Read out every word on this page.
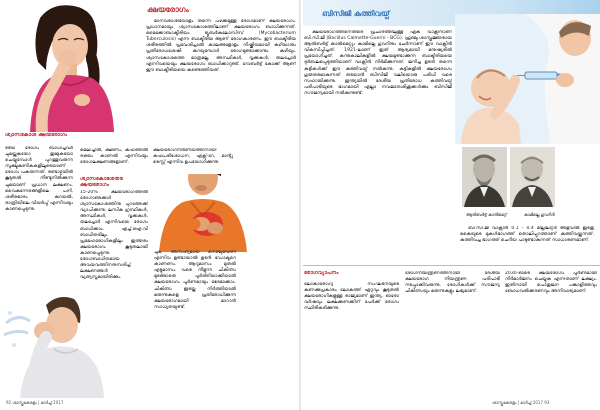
ക്ഷയരോഗം
മാനവരാശിയോളം തന്നെ പഴക്കമുള്ള രോഗമാണ് ക്ഷയരോഗം. പ്രധാനമായും ശ്വാസകോശത്തിലാണ് ക്ഷയരോഗം ബാധിക്കുന്നത്. മൈക്കോബാക്ടീരിയം ട്യൂബർകുലോസിസ് (Mycobacterium Tuberculosis) എന്ന ബാക്ടീരിയ ആണ് രോഗകാരണം. ഈ ബാക്ടീരിയ ശരീരത്തിൽ പ്രവേശിച്ചാൽ കാലങ്ങളോളം നിഷ്ക്രിയമായി കഴിയാനും പ്രതിരോധശേഷി കുറയുമ്പോൾ രോഗമുണ്ടാക്കാനും കഴിയും. ശ്വാസകോശത്തെ മാത്രമല്ല, അസ്ഥികൾ, വൃക്കകൾ, തലച്ചോർ എന്നിവയെയും ക്ഷയരോഗം ബാധിക്കാറുണ്ട്. റോബർട്ട് കോക്ക് ആണ് ഈ ബാക്ടീരിയയെ കണ്ടെത്തിയത്.
ശ്വാസകോശ ക്ഷയരോഗം
ടിബി രോഗം ബാധിച്ചവർ ചുമയ്ക്കുകയോ തുമ്മുകയോ ചെയ്യുമ്പോൾ പുറത്തുവരുന്ന സൂക്ഷ്മകണികകളിലൂടെയാണ് രോഗം പകരുന്നത്. രണ്ടാഴ്ചയിൽ കൂടുതൽ നീണ്ടുനിൽക്കുന്ന ചുമയാണ് പ്രധാന ലക്ഷണം. വൈകുന്നേരങ്ങളിലെ പനി, ശരീരഭാരം കുറയൽ, രാത്രിയിലെ വിയർപ്പ് എന്നിവയും കാണപ്പെടുന്നു.
മെലിച്ചിൽ, ക്ഷീണം, കഫത്തിൽ രക്തം കാണൽ എന്നിവയും രോഗലക്ഷണങ്ങളാണ്.
ശ്വാസകോശേതര ക്ഷയരോഗം
15-20% ക്ഷയരോഗത്തിൽ രോഗാണുക്കൾ ശ്വാസകോശത്തിനു പുറത്തേക്ക് വ്യാപിക്കുന്നു. ലസിക ഗ്രന്ഥികൾ, അസ്ഥികൾ, വൃക്കകൾ, തലച്ചോർ എന്നിവയെ രോഗം ബാധിക്കാം. എച്ച്.ഐ.വി ബാധിതരിലും പ്രമേഹരോഗികളിലും ഇത്തരം ക്ഷയരോഗം കൂടുതലായി കാണപ്പെടുന്നു. രോഗബാധിതമായ അവയവത്തിനനുസരിച്ച് ലക്ഷണങ്ങൾ വ്യത്യസ്തമായിരിക്കും.
ക്ഷയരോഗനിർണയത്തിനായി കഫപരിശോധന, എക്സ്-റേ, മാന്റു ടെസ്റ്റ് എന്നിവ ഉപയോഗിക്കുന്നു.
ചുമ, അസഹ്യമായ നെഞ്ചുവേദന എന്നിവ ഉണ്ടായാൽ ഉടൻ ഡോക്ടറെ കാണണം. ആറുമാസം മുതൽ എട്ടുമാസം വരെ നീളുന്ന ചികിത്സ മുടങ്ങാതെ പൂർത്തിയാക്കിയാൽ ക്ഷയരോഗം പൂർണമായും ഭേദമാക്കാം. ചികിത്സ ഇടയ്ക്കു നിർത്തിയാൽ മരുന്നുകളെ പ്രതിരോധിക്കുന്ന ക്ഷയരോഗമായി മാറാൻ സാധ്യതയുണ്ട്.
92 ശാസ്ത്രകേരളം | മാർച്ച് 2017
ബിസിജി കുത്തിവയ്പ്
ക്ഷയരോഗത്തിനെതിരെ പ്രചാരത്തിലുള്ള ഏക വാക്സിനാണ് ബി.സി.ജി (Bacillus Calmette-Guerin - BCG). ഫ്രഞ്ചു ശാസ്ത്രജ്ഞരായ ആൽബർട്ട് കാൽമെറ്റും കാമില്ലെ ഗുവറിനും ചേർന്നാണ് ഈ വാക്സിൻ വികസിപ്പിച്ചത്. 1921-ലാണ് ഇത് ആദ്യമായി മനുഷ്യരിൽ പ്രയോഗിച്ചത്. കന്നുകാലികളിൽ ക്ഷയമുണ്ടാക്കുന്ന ബാക്ടീരിയയെ ദുർബലപ്പെടുത്തിയാണ് വാക്സിൻ നിർമിക്കുന്നത്. ജനിച്ച ഉടൻ തന്നെ കുട്ടികൾക്ക് ഈ കുത്തിവയ്പ് നൽകുന്നു. കുട്ടികളിൽ ക്ഷയരോഗം ഗുരുതരമാകുന്നത് തടയാൻ ബിസിജി വലിയൊരു പരിധി വരെ സഹായിക്കുന്നു. ഇന്ത്യയിൽ ദേശീയ പ്രതിരോധ കുത്തിവയ്പ് പരിപാടിയുടെ ഭാഗമായി എല്ലാ നവജാതശിശുക്കൾക്കും ബിസിജി സൗജന്യമായി നൽകുന്നുണ്ട്.
ആൽബർട്ട് കാൽമെറ്റ്	കാമില്ലെ ഗുവറിൻ
ബി.സി.ജി വാക്സിൻ 0.1 - 0.4 മില്ലിലിറ്റർ അളവിൽ ഇടതു കൈയുടെ മുകൾഭാഗത്ത് തൊലിപ്പുറത്താണ് കുത്തിവയ്ക്കുന്നത്. കുത്തിവച്ച ഭാഗത്ത് ചെറിയ പാടുണ്ടാകുന്നത് സാധാരണമാണ്.
രോഗവ്യാപനം
ലോകാരോഗ്യ സംഘടനയുടെ കണക്കുപ്രകാരം ലോകത്ത് ഏറ്റവും കൂടുതൽ ക്ഷയരോഗികളുള്ള രാജ്യമാണ് ഇന്ത്യ. ഓരോ വർഷവും ലക്ഷക്കണക്കിന് പേർക്ക് രോഗം സ്ഥിരീകരിക്കുന്നു.
രോഗനിയന്ത്രണത്തിനായി ദേശീയ ക്ഷയരോഗ നിയന്ത്രണ പരിപാടി നടപ്പാക്കിവരുന്നു. രോഗികൾക്ക് സൗജന്യ ചികിത്സയും മരുന്നുകളും ലഭ്യമാണ്.
2030-ഓടെ ക്ഷയരോഗം പൂർണമായി നിർമാർജനം ചെയ്യുക എന്നതാണ് ലക്ഷ്യം. ഇതിനായി പൊതുജന പങ്കാളിത്തവും ബോധവൽക്കരണവും അനിവാര്യമാണ്.
ശാസ്ത്രകേരളം | മാർച്ച് 2017 93
